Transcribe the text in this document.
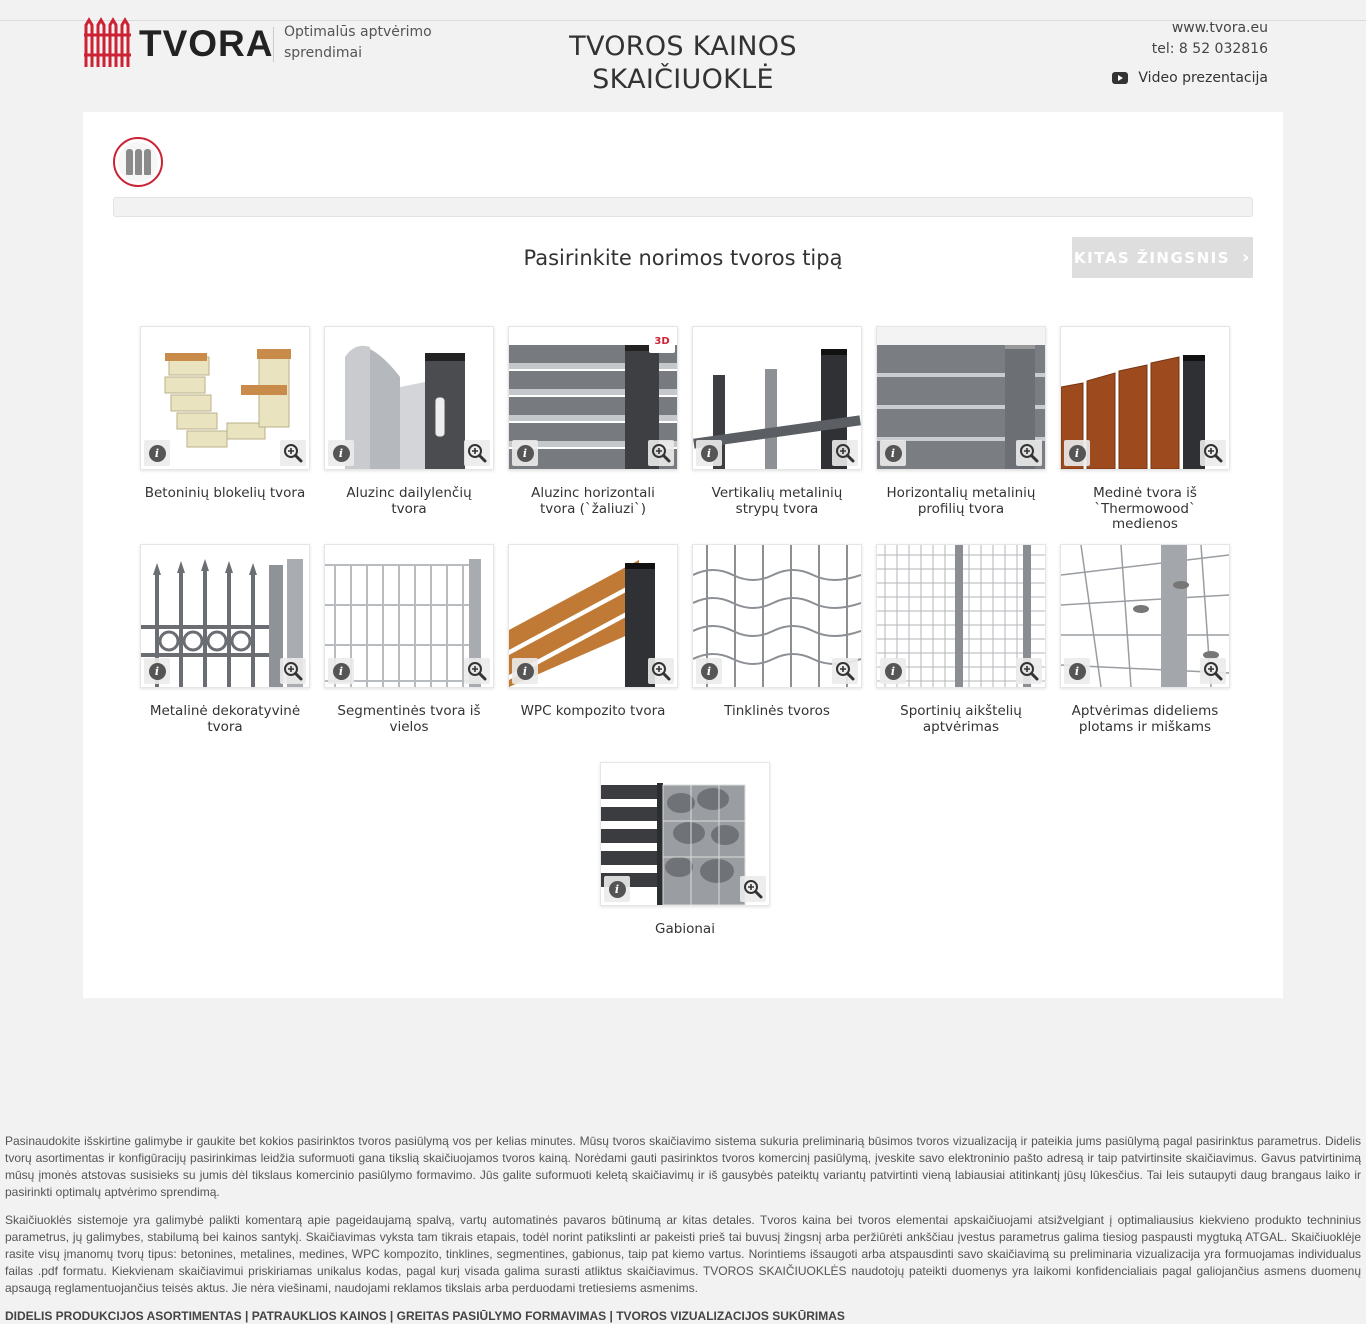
TVORA Optimalūs aptvėrimo sprendimai	TVOROS KAINOS
SKAIČIUOKLĖ
www.tvora.eu
tel: 8 52 032816
Video prezentacija
Pasirinkite norimos tvoros tipą	KITAS ŽINGSNIS ›
i
Betoninių blokelių tvora
i
Aluzinc dailylenčių tvora
3D
i
Aluzinc horizontali tvora (`žaliuzi`)
i
Vertikalių metalinių strypų tvora
i
Horizontalių metalinių profilių tvora
i
Medinė tvora iš `Thermowood` medienos
i
Metalinė dekoratyvinė tvora
i
Segmentinės tvora iš vielos
i
WPC kompozito tvora
i
Tinklinės tvoros
i
Sportinių aikštelių aptvėrimas
i
Aptvėrimas dideliems plotams ir miškams
i
Gabionai

Pasinaudokite išskirtine galimybe ir gaukite bet kokios pasirinktos tvoros pasiūlymą vos per kelias minutes. Mūsų tvoros skaičiavimo sistema sukuria preliminarią būsimos tvoros vizualizaciją ir pateikia jums pasiūlymą pagal pasirinktus parametrus. Didelis tvorų asortimentas ir konfigūracijų pasirinkimas leidžia suformuoti gana tikslią skaičiuojamos tvoros kainą. Norėdami gauti pasirinktos tvoros komercinį pasiūlymą, įveskite savo elektroninio pašto adresą ir taip patvirtinsite skaičiavimus. Gavus patvirtinimą mūsų įmonės atstovas susisieks su jumis dėl tikslaus komercinio pasiūlymo formavimo. Jūs galite suformuoti keletą skaičiavimų ir iš gausybės pateiktų variantų patvirtinti vieną labiausiai atitinkantį jūsų lūkesčius. Tai leis sutaupyti daug brangaus laiko ir pasirinkti optimalų aptvėrimo sprendimą.

Skaičiuoklės sistemoje yra galimybė palikti komentarą apie pageidaujamą spalvą, vartų automatinės pavaros būtinumą ar kitas detales. Tvoros kaina bei tvoros elementai apskaičiuojami atsižvelgiant į optimaliausius kiekvieno produkto techninius parametrus, jų galimybes, stabilumą bei kainos santykį. Skaičiavimas vyksta tam tikrais etapais, todėl norint patikslinti ar pakeisti prieš tai buvusį žingsnį arba peržiūrėti ankščiau įvestus parametrus galima tiesiog paspausti mygtuką ATGAL. Skaičiuoklėje rasite visų įmanomų tvorų tipus: betonines, metalines, medines, WPC kompozito, tinklines, segmentines, gabionus, taip pat kiemo vartus. Norintiems išsaugoti arba atspausdinti savo skaičiavimą su preliminaria vizualizacija yra formuojamas individualus failas .pdf formatu. Kiekvienam skaičiavimui priskiriamas unikalus kodas, pagal kurį visada galima surasti atliktus skaičiavimus. TVOROS SKAIČIUOKLĖS naudotojų pateikti duomenys yra laikomi konfidencialiais pagal galiojančius asmens duomenų apsaugą reglamentuojančius teisės aktus. Jie nėra viešinami, naudojami reklamos tikslais arba perduodami tretiesiems asmenims.

DIDELIS PRODUKCIJOS ASORTIMENTAS | PATRAUKLIOS KAINOS | GREITAS PASIŪLYMO FORMAVIMAS | TVOROS VIZUALIZACIJOS SUKŪRIMAS
